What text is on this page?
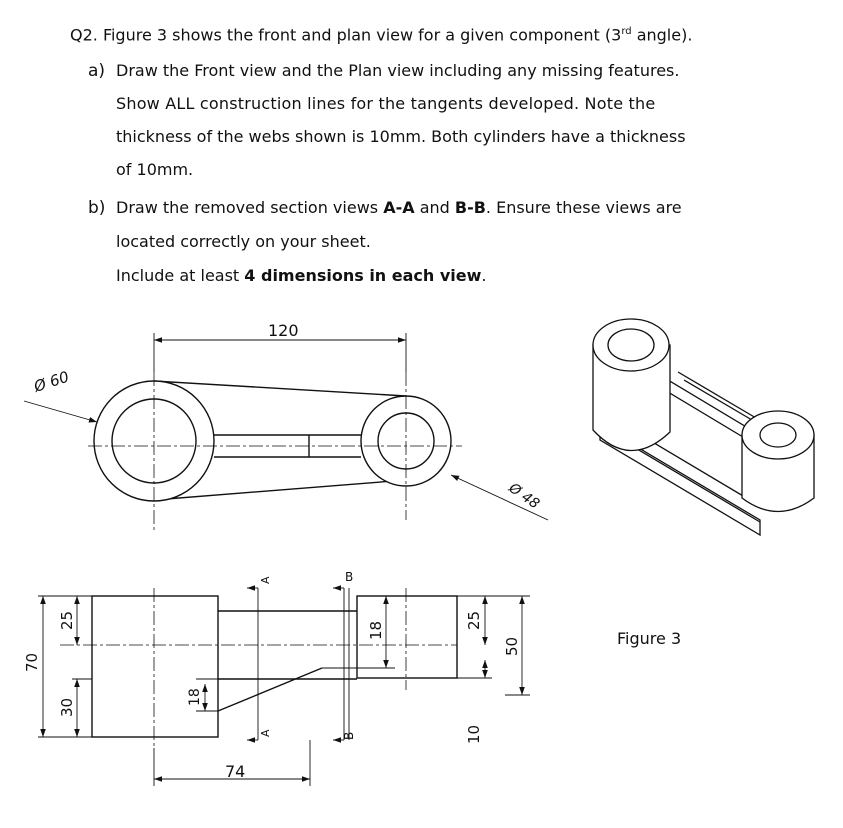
Q2. Figure 3 shows the front and plan view for a given component (3rd angle).
a) Draw the Front view and the Plan view including any missing features.
Show ALL construction lines for the tangents developed. Note the
thickness of the webs shown is 10mm. Both cylinders have a thickness
of 10mm.
b) Draw the removed section views A-A and B-B. Ensure these views are
located correctly on your sheet.
Include at least 4 dimensions in each view.
120
Ø 60
Ø 48
A
A
B
B
70
25
30
18
74
18
25
50
10
Figure 3
